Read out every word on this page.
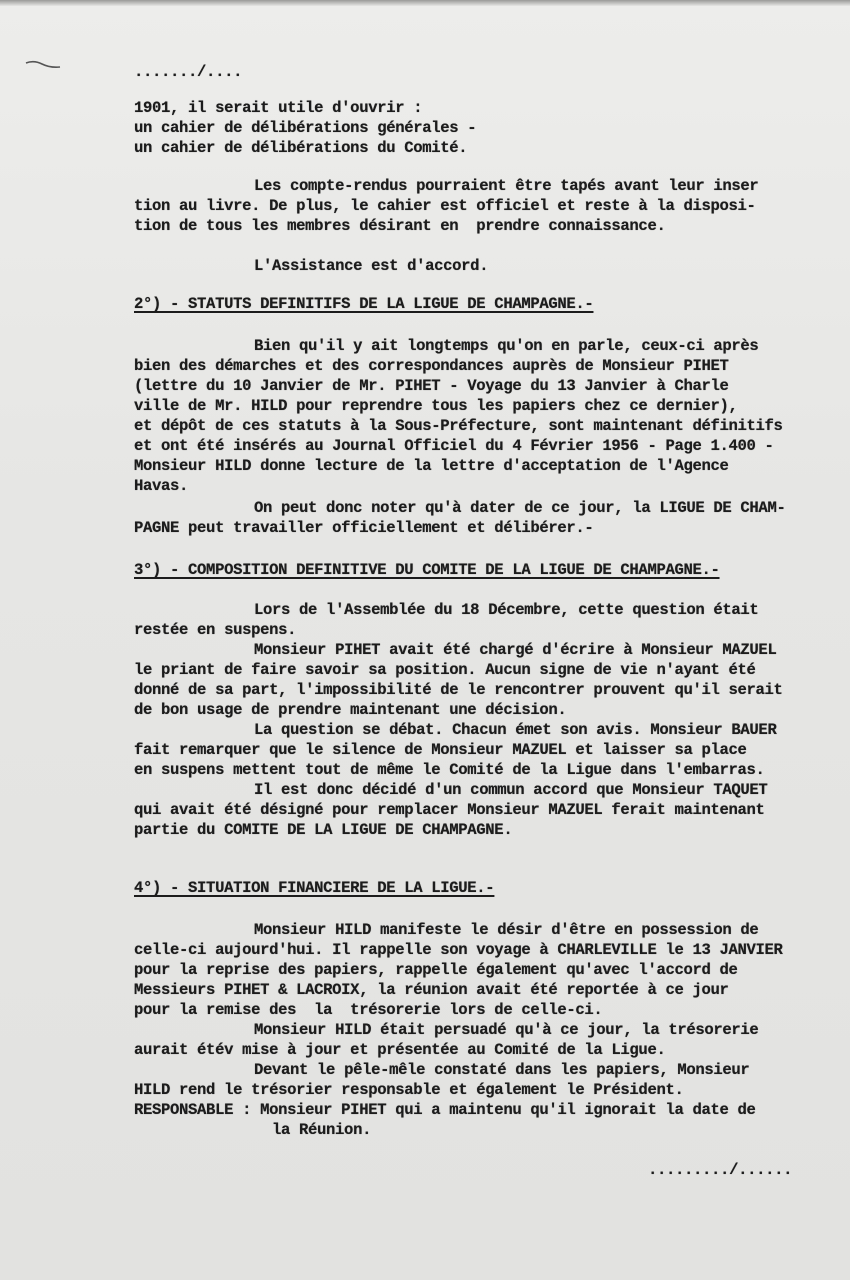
......./....
1901, il serait utile d'ouvrir :
un cahier de délibérations générales -
un cahier de délibérations du Comité.
Les compte-rendus pourraient être tapés avant leur inser
tion au livre. De plus, le cahier est officiel et reste à la disposi-
tion de tous les membres désirant en  prendre connaissance.
L'Assistance est d'accord.
2°) - STATUTS DEFINITIFS DE LA LIGUE DE CHAMPAGNE.-
Bien qu'il y ait longtemps qu'on en parle, ceux-ci après
bien des démarches et des correspondances auprès de Monsieur PIHET
(lettre du 10 Janvier de Mr. PIHET - Voyage du 13 Janvier à Charle
ville de Mr. HILD pour reprendre tous les papiers chez ce dernier),
et dépôt de ces statuts à la Sous-Préfecture, sont maintenant définitifs
et ont été insérés au Journal Officiel du 4 Février 1956 - Page 1.400 -
Monsieur HILD donne lecture de la lettre d'acceptation de l'Agence
Havas.
On peut donc noter qu'à dater de ce jour, la LIGUE DE CHAM-
PAGNE peut travailler officiellement et délibérer.-
3°) - COMPOSITION DEFINITIVE DU COMITE DE LA LIGUE DE CHAMPAGNE.-
Lors de l'Assemblée du 18 Décembre, cette question était
restée en suspens.
Monsieur PIHET avait été chargé d'écrire à Monsieur MAZUEL
le priant de faire savoir sa position. Aucun signe de vie n'ayant été
donné de sa part, l'impossibilité de le rencontrer prouvent qu'il serait
de bon usage de prendre maintenant une décision.
La question se débat. Chacun émet son avis. Monsieur BAUER
fait remarquer que le silence de Monsieur MAZUEL et laisser sa place
en suspens mettent tout de même le Comité de la Ligue dans l'embarras.
Il est donc décidé d'un commun accord que Monsieur TAQUET
qui avait été désigné pour remplacer Monsieur MAZUEL ferait maintenant
partie du COMITE DE LA LIGUE DE CHAMPAGNE.
4°) - SITUATION FINANCIERE DE LA LIGUE.-
Monsieur HILD manifeste le désir d'être en possession de
celle-ci aujourd'hui. Il rappelle son voyage à CHARLEVILLE le 13 JANVIER
pour la reprise des papiers, rappelle également qu'avec l'accord de
Messieurs PIHET & LACROIX, la réunion avait été reportée à ce jour
pour la remise des  la  trésorerie lors de celle-ci.
Monsieur HILD était persuadé qu'à ce jour, la trésorerie
aurait étév mise à jour et présentée au Comité de la Ligue.
Devant le pêle-mêle constaté dans les papiers, Monsieur
HILD rend le trésorier responsable et également le Président.
RESPONSABLE : Monsieur PIHET qui a maintenu qu'il ignorait la date de
la Réunion.
........./......
